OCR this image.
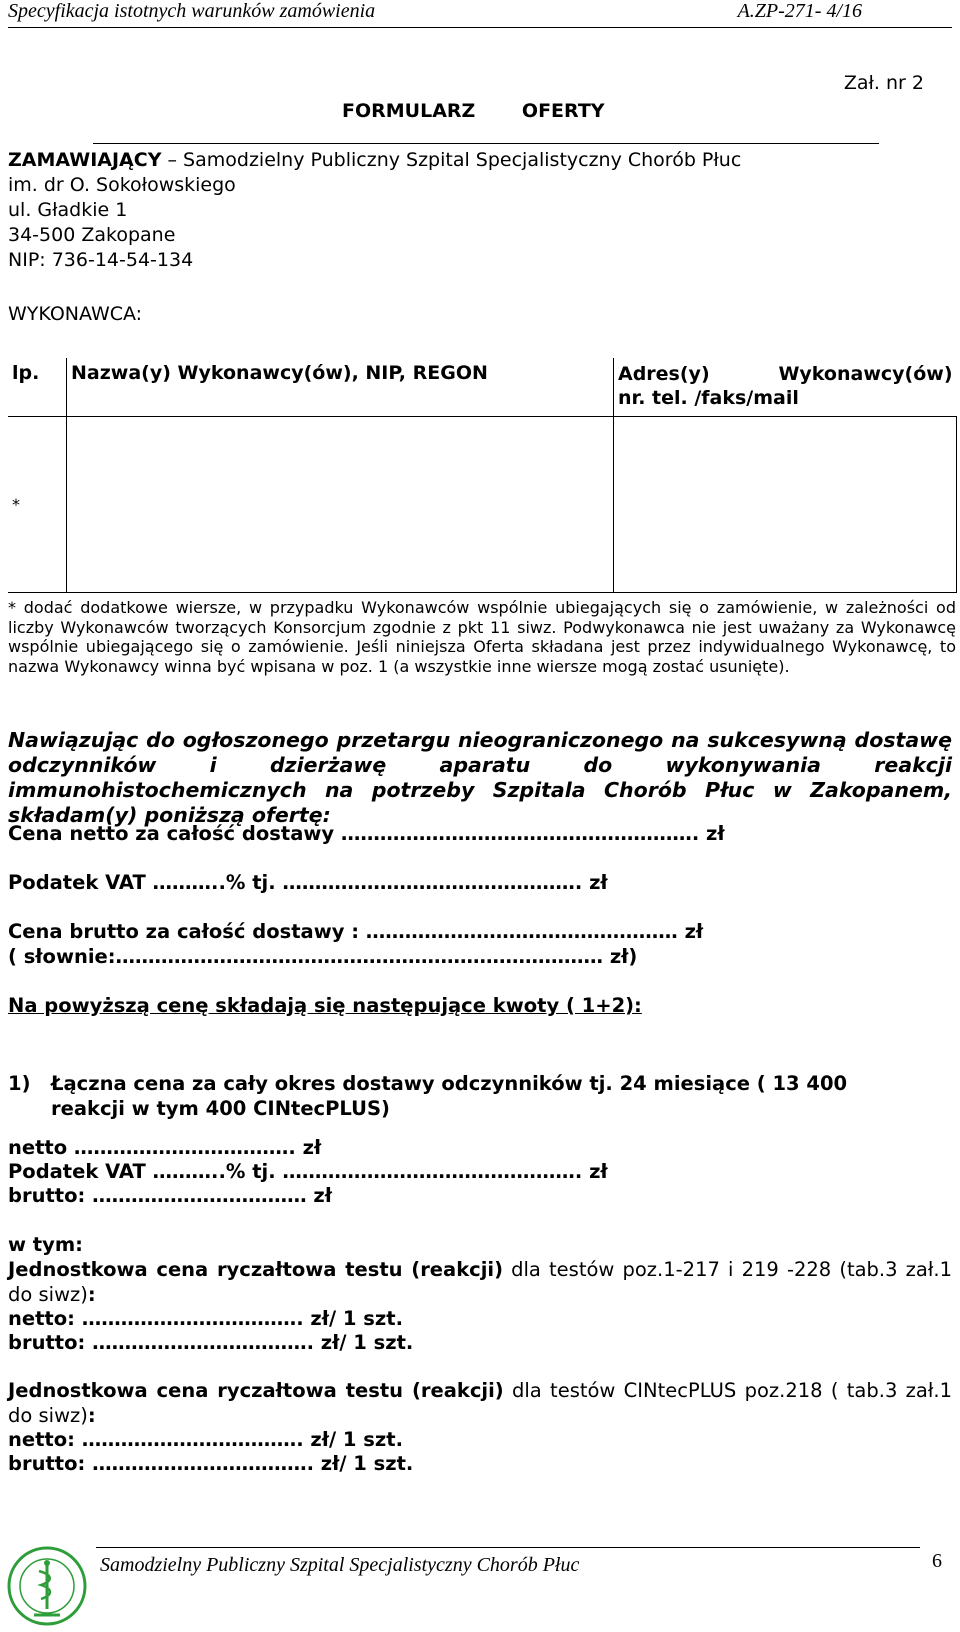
Specyfikacja istotnych warunków zamówienia	A.ZP-271- 4/16
Zał. nr 2
FORMULARZ OFERTY
ZAMAWIAJĄCY – Samodzielny Publiczny Szpital Specjalistyczny Chorób Płuc
im. dr O. Sokołowskiego
ul. Gładkie 1
34-500 Zakopane
NIP: 736-14-54-134
WYKONAWCA:
lp.	Nazwa(y) Wykonawcy(ów), NIP, REGON	Adres(y) Wykonawcy(ów)
nr. tel. /faks/mail

*		
* dodać dodatkowe wiersze, w przypadku Wykonawców wspólnie ubiegających się o zamówienie, w zależności od liczby Wykonawców tworzących Konsorcjum zgodnie z pkt 11 siwz. Podwykonawca nie jest uważany za Wykonawcę wspólnie ubiegającego się o zamówienie. Jeśli niniejsza Oferta składana jest przez indywidualnego Wykonawcę, to nazwa Wykonawcy winna być wpisana w poz. 1 (a wszystkie inne wiersze mogą zostać usunięte).
Nawiązując do ogłoszonego przetargu nieograniczonego na sukcesywną dostawę odczynników i dzierżawę aparatu do wykonywania reakcji immunohistochemicznych na potrzeby Szpitala Chorób Płuc w Zakopanem, składam(y) poniższą ofertę:
Cena netto za całość dostawy ………………………………………………. zł
Podatek VAT ………..% tj. ………………………………………. zł
Cena brutto za całość dostawy : ………………………………………… zł
( słownie:………………………………………………………………… zł)
Na powyższą cenę składają się następujące kwoty ( 1+2):
1)	Łączna cena za cały okres dostawy odczynników tj. 24 miesiące ( 13 400 reakcji w tym 400 CINtecPLUS)
netto ……………………………. zł
Podatek VAT ………..% tj. ………………………………………. zł
brutto: …………………………… zł
w tym:
Jednostkowa cena ryczałtowa testu (reakcji) dla testów poz.1-217 i 219 -228 (tab.3 zał.1 do siwz):
netto: ……………………………. zł/ 1 szt.
brutto: ……………………………. zł/ 1 szt.
Jednostkowa cena ryczałtowa testu (reakcji) dla testów CINtecPLUS poz.218 ( tab.3 zał.1 do siwz):
netto: ……………………………. zł/ 1 szt.
brutto: ……………………………. zł/ 1 szt.
Samodzielny Publiczny Szpital Specjalistyczny Chorób Płuc	6
